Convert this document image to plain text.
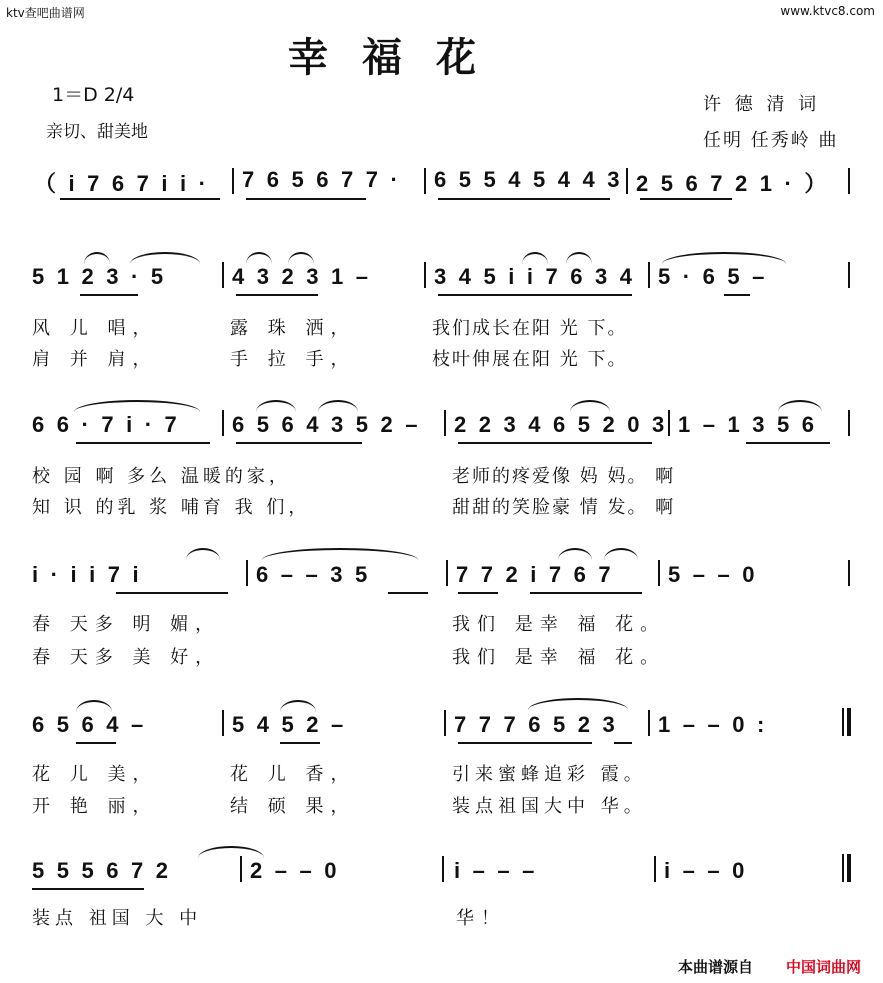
ktv查吧曲谱网	www.ktvc8.com
幸福花
1＝D 2/4
亲切、甜美地
许 德 清 词
任明 任秀岭 曲
（ i 7 6 7 i i · 7 6 5 6 7 7 · 6 5 5 4 5 4 4 3 2 5 6 7 2 1 · ）
5 1 2 3 · 5	4 3 2 3 1 –	3 4 5 i i 7 6 3 4 5 · 6 5 –
风 儿 唱，	露 珠 洒，	我们成长在阳 光 下。
肩 并 肩，	手 拉 手，	枝叶伸展在阳 光 下。
6 6 · 7 i · 7 6 5 6 4 3 5 2 – 2 2 3 4 6 5 2 0 3 1 – 1 3 5 6
校 园 啊 多么 温暖的家，	老师的疼爱像 妈 妈。 啊
知 识 的乳 浆 哺育 我 们，	甜甜的笑脸豪 情 发。 啊
i · i i 7 i	6 – – 3 5	7 7 2 i 7 6 7 5 – – 0
春 天多 明 媚，	我们 是幸 福 花。
春 天多 美 好，	我们 是幸 福 花。
6 5 6 4 –	5 4 5 2 –	7 7 7 6 5 2 3 1 – – 0 :
花 儿 美，	花 儿 香，	引来蜜蜂追彩 霞。
开 艳 丽，	结 硕 果，	装点祖国大中 华。
5 5 5 6 7 2	2 – – 0	i – – –	i – – 0
装点 祖国 大 中	华！
本曲谱源自 中国词曲网
